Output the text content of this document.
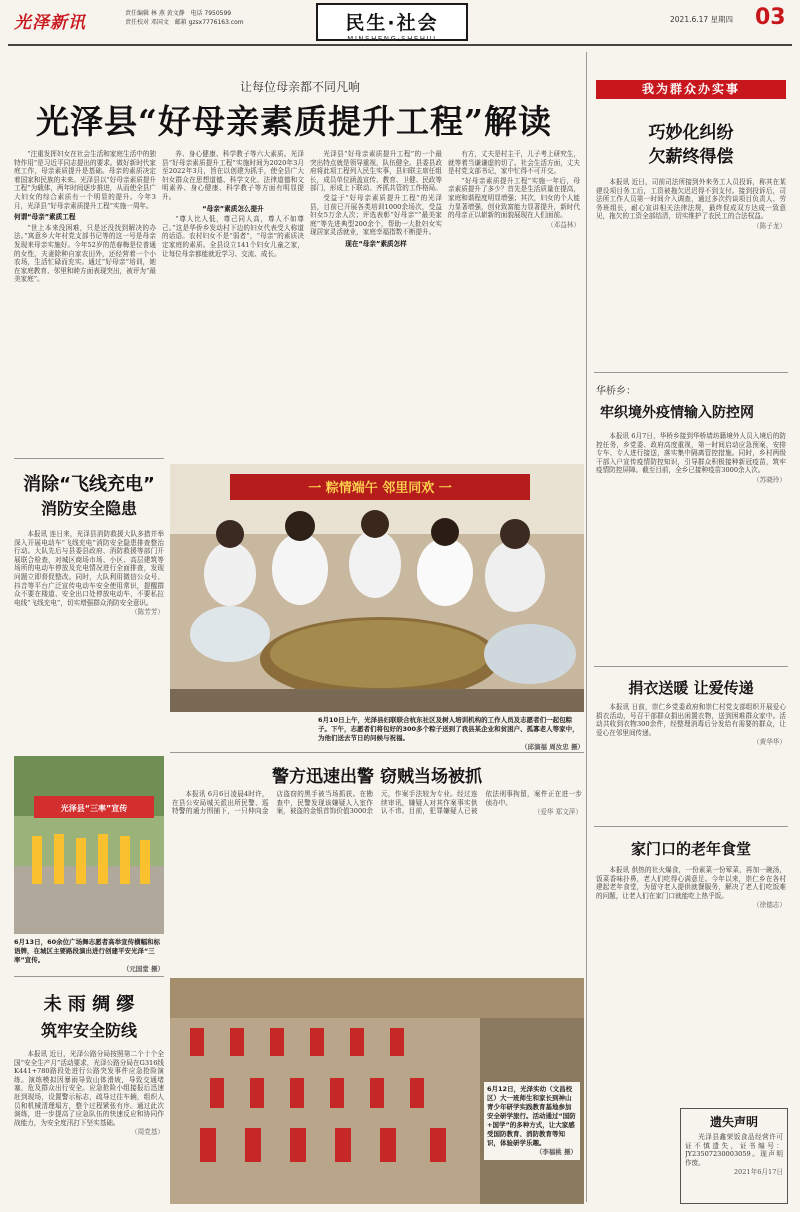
光泽新讯	责任编辑 林 燕 黄文静 电话 7950599
责任校对 邓国文 邮箱 gzsx7776163.com	民生·社会
MINSHENG·SHEHUI
2021.6.17 星期四 03
让每位母亲都不同凡响
光泽县“好母亲素质提升工程”解读

“注重发挥妇女在社会生活和家庭生活中的独特作用”是习近平同志提出的要求。做好新时代家庭工作，母亲素质提升是基础。母亲的素质决定着国家和民族的未来。光泽县以“好母亲素质提升工程”为载体，两年时间逐步推进，从而使全县广大妇女的综合素质有一个明显的提升。今年3月，光泽县“好母亲素质提升工程”实施一周年。

何谓“母亲”素质工程

“世上本来没困难，只是还没找到解决的办法。”寓意乡大年村党支部书记等的这一号是母亲发现来母亲实施好。今年52岁的范春梅是位普通的女性，夫妻除种自家农田外，还经营着一个小农场，生活忙碌而充实。通过“好母亲”培训，她在家庭教育、邻里和睦方面表现突出，被评为“最美家庭”。

养、身心健康、科学教子等六大素质。光泽县“好母亲素质提升工程”实施时间为2020年3月至2022年3月，旨在以创建为抓手，使全县广大妇女群众在思想道德、科学文化、法律道德和文明素养、身心健康、科学教子等方面有明显提升。

“母亲”素质怎么提升

“尊人比人低，尊己同人高，尊人不如尊己。”这是华侨乡发动村下边的妇女代表受人称道的话语。农村妇女不是“弱者”，“母亲”的素质决定家庭的素质。全县设立141个妇女儿童之家，让每位母亲都能就近学习、交流、成长。

光泽县“好母亲素质提升工程”的一个最突出特点就是领导重视，队伍健全。县委县政府将此项工程列入民生实事，县妇联主席任组长，成员单位涵盖宣传、教育、卫健、民政等部门，形成上下联动、齐抓共管的工作格局。

受益于“好母亲素质提升工程”的光泽县，目前已开展各类培训1000余场次，受益妇女5万余人次；评选表彰“好母亲”“最美家庭”等先进典型200余个，帮助一大批妇女实现居家灵活就业，家庭幸福指数不断提升。

现在“母亲”素质怎样

有方，丈夫是村主干，儿子考上研究生，就等着当谦谦虚的切了。社会生活方面，丈夫是村党支部书记，家中忙得不可开交。

“好母亲素质提升工程”实施一年后，母亲素质提升了多少？首先是生活质量在提高，家庭和谐程度明显增强；其次，妇女的个人能力显著增强，创业致富能力显著提升，新时代的母亲正以崭新的面貌展现在人们面前。

（邓益林）
我为群众办实事
巧妙化纠纷
欠薪终得偿

本报讯 近日，司前司法所接到外来务工人员投诉，称其在某建设项目务工后，工资被拖欠迟迟得不到支付。接到投诉后，司法所工作人员第一时间介入调查，通过多次约谈项目负责人、劳务班组长，耐心宣讲相关法律法规，最终促成双方达成一致意见，拖欠的工资全部结清，切实维护了农民工的合法权益。

（陈子龙）
华桥乡：
牢织境外疫情输入防控网

本报讯 6月7日，华桥乡接到华桥墙坊籍境外人员入境后的防控任务，乡党委、政府高度重视，第一时间启动应急预案，安排专车、专人进行接送，落实集中隔离管控措施。同时，乡村两级干部入户宣传疫情防控知识，引导群众积极接种新冠疫苗，筑牢疫情防控屏障。截至目前，全乡已接种疫苗3000余人次。

（苏晓玲）
捐衣送暖 让爱传递

本报讯 日前，崇仁乡党委政府和崇仁村党支部组织开展爱心捐衣活动，号召干部群众捐出闲置衣物，送到困难群众家中。活动共收到衣物300余件，经整理消毒后分发给有需要的群众，让爱心在邻里间传递。

（黄华华）
家门口的老年食堂

本报讯 供热的社火爆食，一份素菜一份荤菜，再加一碗汤，饭菜香味扑鼻，老人们吃得心满意足。今年以来，崇仁乡在各村建起老年食堂，为留守老人提供就餐服务，解决了老人们吃饭难的问题，让老人们在家门口就能吃上热乎饭。

（徐德志）
一 粽情端午 邻里同欢 一
6月10日上午，光泽县妇联联合杭东社区及树人培训机构的工作人员及志愿者们一起包粽子。下午，志愿者们将包好的300多个粽子送到了我县某企业和贫困户、孤寡老人等家中，为他们送去节日的问候与祝福。
（邱演福 周汝忠 摄）
消除“飞线充电”
消防安全隐患

本报讯 连日来，光泽县消防救援大队多措并举深入开展电动车“飞线充电”消防安全隐患排查整治行动。大队先后与县委县政府、消防救援等部门开展联合检查，对城区商场市场、小区、高层建筑等场所的电动车停放及充电情况进行全面排查，发现问题立即督促整改。同时，大队利用微信公众号、抖音等平台广泛宣传电动车安全使用常识，提醒群众不要在楼道、安全出口处停放电动车，不要私拉电线“飞线充电”，切实增强群众消防安全意识。

（陈芳芳）
光泽县“三率”宣传
6月13日，60余位广场舞志愿者高举宣传横幅和标语牌，在城区主要路段演出进行创建平安光泽“三率”宣传。
（元国堂 摄）
未 雨 绸 缪
筑牢安全防线

本报讯 近日，光泽公路分局按照第二个十个全国“安全生产月”活动要求，光泽公路分局在G316线K441+780路段处进行公路突发事件应急抢险演练。演练模拟因暴雨导致山体滑坡，导致交通堵塞，危及群众出行安全。应急抢险小组接报后迅速赶到现场，设置警示标志，疏导过往车辆，组织人员和机械清理塌方，整个过程紧张有序。通过此次演练，进一步提高了应急队伍的快速反应和协同作战能力，为安全度汛打下坚实基础。

（周党基）
警方迅速出警 窃贼当场被抓

本报讯 6月6日凌晨4时许，在县公安局城关派出所民警、巡特警的通力围捕下，一只伸向金店盗窃的黑手被当场抓获。在勘查中，民警发现该嫌疑人入室作案，被盗的金银首饰价值3000余元，作案手法较为专业。经过连续审讯，嫌疑人对其作案事实供认不讳。目前，犯罪嫌疑人已被依法刑事拘留，案件正在进一步侦办中。

（爱华 郑文萍）
6月12日，光泽实幼（文昌校区）大一班师生和家长到神山青少年研学实践教育基地参加安全研学旅行。活动通过“国防+国学”的多种方式，让大家感受国防教育、消防教育等知识，体验研学乐趣。
（李福桃 摄）
遗失声明

光泽县鑫荣饭食品经营许可证不慎遗失，证书编号：JY23507230003059。现声明作废。

2021年6月17日
